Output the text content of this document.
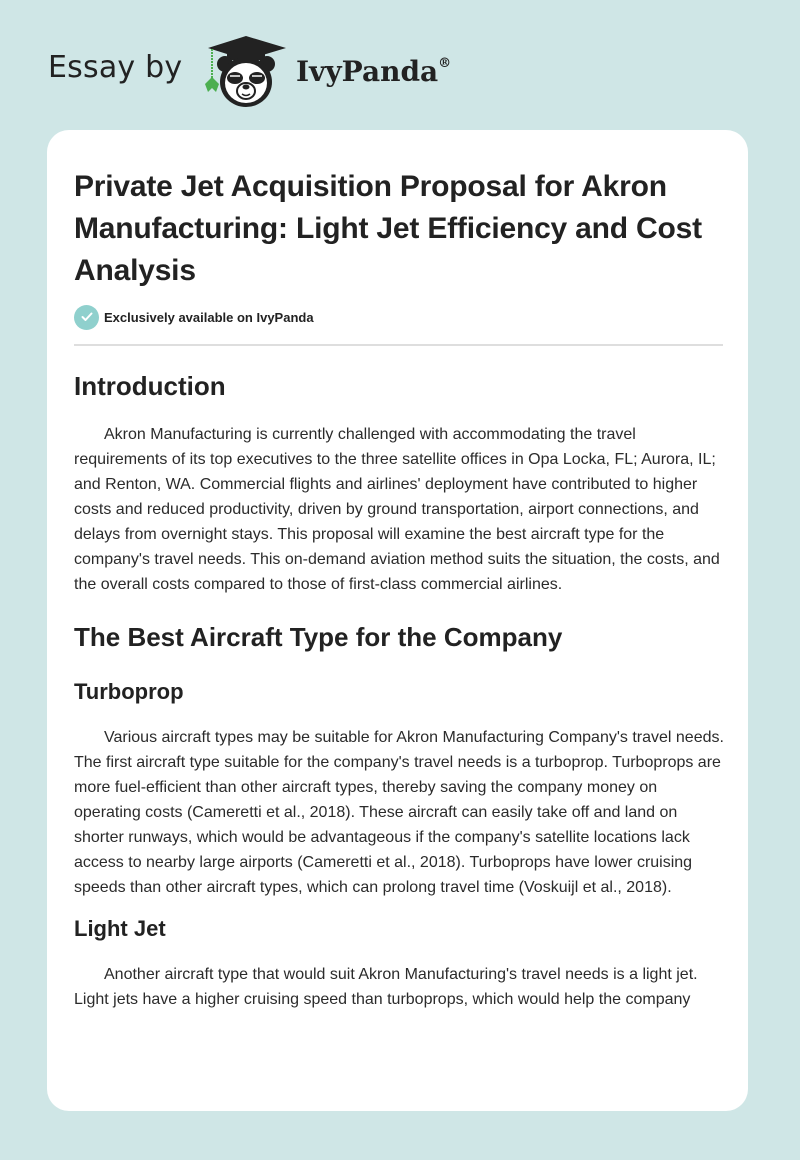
Essay by	IvyPanda®
Private Jet Acquisition Proposal for Akron Manufacturing: Light Jet Efficiency and Cost Analysis
Exclusively available on IvyPanda
Introduction

Akron Manufacturing is currently challenged with accommodating the travel requirements of its top executives to the three satellite offices in Opa Locka, FL; Aurora, IL; and Renton, WA. Commercial flights and airlines' deployment have contributed to higher costs and reduced productivity, driven by ground transportation, airport connections, and delays from overnight stays. This proposal will examine the best aircraft type for the company's travel needs. This on-demand aviation method suits the situation, the costs, and the overall costs compared to those of first-class commercial airlines.

The Best Aircraft Type for the Company
Turboprop

Various aircraft types may be suitable for Akron Manufacturing Company's travel needs. The first aircraft type suitable for the company's travel needs is a turboprop. Turboprops are more fuel-efficient than other aircraft types, thereby saving the company money on operating costs (Cameretti et al., 2018). These aircraft can easily take off and land on shorter runways, which would be advantageous if the company's satellite locations lack access to nearby large airports (Cameretti et al., 2018). Turboprops have lower cruising speeds than other aircraft types, which can prolong travel time (Voskuijl et al., 2018).

Light Jet

Another aircraft type that would suit Akron Manufacturing's travel needs is a light jet. Light jets have a higher cruising speed than turboprops, which would help the company
